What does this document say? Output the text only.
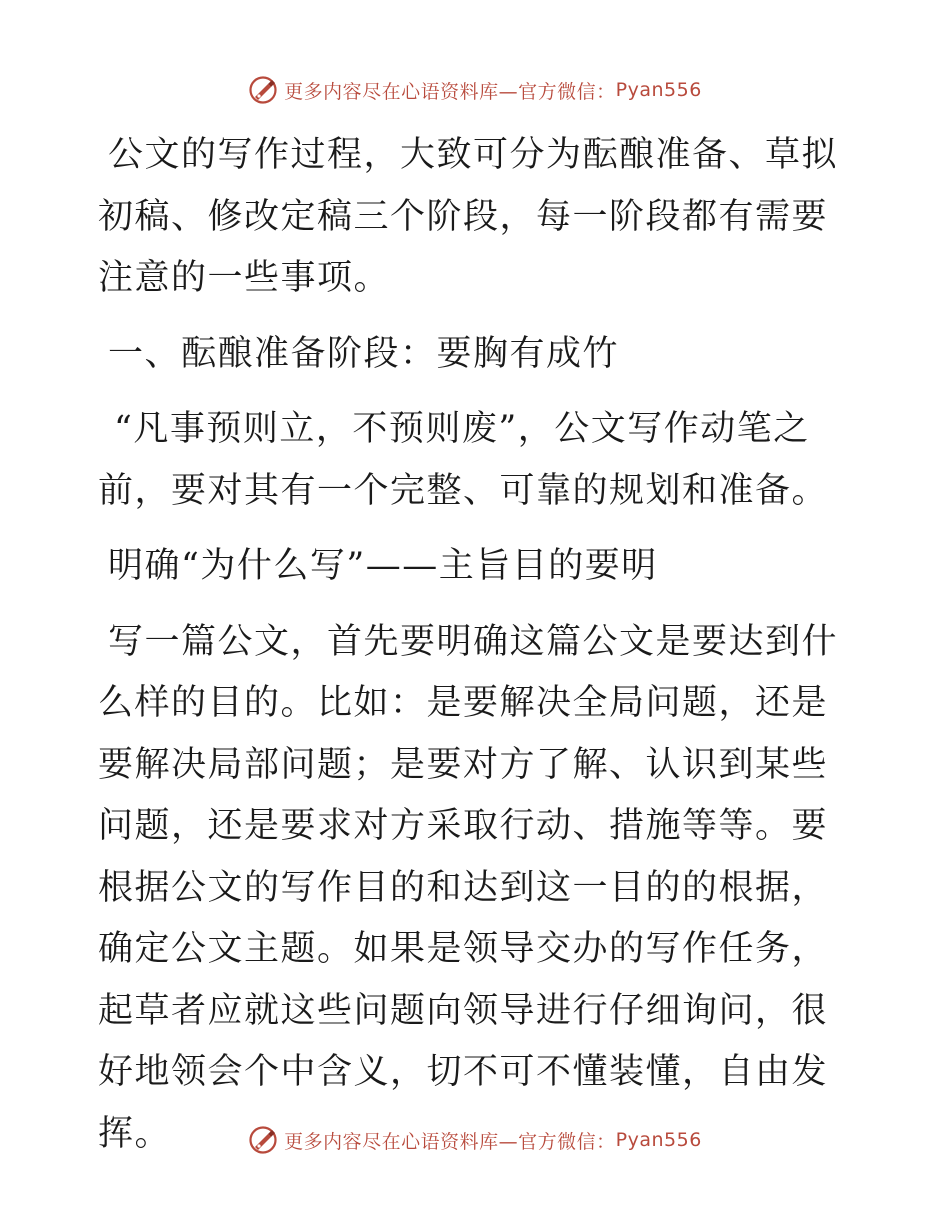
更多内容尽在心语资料库—官方微信： Pyan556

公文的写作过程，大致可分为酝酿准备、草拟初稿、修改定稿三个阶段，每一阶段都有需要注意的一些事项。

一、酝酿准备阶段：要胸有成竹

“凡事预则立，不预则废”，公文写作动笔之前，要对其有一个完整、可靠的规划和准备。

明确“为什么写”——主旨目的要明

写一篇公文，首先要明确这篇公文是要达到什么样的目的。比如：是要解决全局问题，还是要解决局部问题；是要对方了解、认识到某些问题，还是要求对方采取行动、措施等等。要根据公文的写作目的和达到这一目的的根据，确定公文主题。如果是领导交办的写作任务，起草者应就这些问题向领导进行仔细询问，很好地领会个中含义，切不可不懂装懂，自由发挥。	更多内容尽在心语资料库—官方微信： Pyan556
